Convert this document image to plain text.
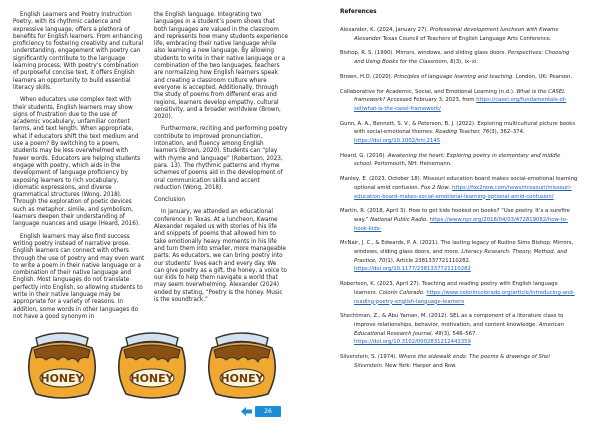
English Learners and Poetry Instruction Poetry, with its rhythmic cadence and expressive language, offers a plethora of benefits for English learners. From enhancing proficiency to fostering creativity and cultural understanding, engagement with poetry can significantly contribute to the language learning process. With poetry’s combination of purposeful concise text, it offers English learners an opportunity to build essential literacy skills.

When educators use complex text with their students, English learners may show signs of frustration due to the use of academic vocabulary, unfamiliar content terms, and text length. When appropriate, what if educators shift the text medium and use a poem? By switching to a poem, students may be less overwhelmed with fewer words. Educators are helping students engage with poetry, which aids in the development of language proficiency by exposing learners to rich vocabulary, idiomatic expressions, and diverse grammatical structures (Wong, 2018). Through the exploration of poetic devices such as metaphor, simile, and symbolism, learners deepen their understanding of language nuances and usage (Heard, 2016).

English learners may also find success writing poetry instead of narrative prose. English learners can connect with others through the use of poetry and may even want to write a poem in their native language or a combination of their native language and English. Most languages do not translate perfectly into English, so allowing students to write in their native language may be appropriate for a variety of reasons. In addition, some words in other languages do not have a good synonym in

the English language. Integrating two languages in a student’s poem shows that both languages are valued in the classroom and represents how many students experience life, embracing their native language while also learning a new language. By allowing students to write in their native language or a combination of the two languages, teachers are normalizing how English learners speak and creating a classroom culture where everyone is accepted. Additionally, through the study of poems from different eras and regions, learners develop empathy, cultural sensitivity, and a broader worldview (Brown, 2020).

Furthermore, reciting and performing poetry contribute to improved pronunciation, intonation, and fluency among English learners (Brown, 2020). Students can “play with rhyme and language” (Robertson, 2023, para. 13). The rhythmic patterns and rhyme schemes of poems aid in the development of oral communication skills and accent reduction (Wong, 2018).

Conclusion

In January, we attended an educational conference in Texas. At a luncheon, Kwame Alexander regaled us with stories of his life and snippets of poems that allowed him to take emotionally heavy moments in his life and turn them into smaller, more manageable parts. As educators, we can bring poetry into our students’ lives each and every day. We can give poetry as a gift, the honey, a voice to our kids to help them navigate a world that may seem overwhelming. Alexander (2024) ended by stating, “Poetry is the honey. Music is the soundtrack.”

HONEY	HONEY	HONEY
26
References

Alexander, K. (2024, January 27). Professional development luncheon with Kwame Alexander Texas Council of Teachers of English Language Arts Conference.

Bishop, R. S. (1990). Mirrors, windows, and sliding glass doors. Perspectives: Choosing and Using Books for the Classroom, 6(3), ix–xi.

Brown, H.D. (2020). Principles of language learning and teaching. London, UK: Pearson.

Collaborative for Academic, Social, and Emotional Learning (n.d.). What is the CASEL framework? Accessed February 3, 2023, from https://casel.org/fundamentals-of-sel/what-is-the-casel-framework/

Gunn, A. A., Bennett, S. V., & Peterson, B. J. (2022). Exploring multicultural picture books with social-emotional themes. Reading Teacher, 76(3), 362–374. https://doi.org/10.1002/trtr.2145

Heard, G. (2016). Awakening the heart: Exploring poetry in elementary and middle school. Portsmouth, NH: Heinemann.

Manley, E. (2023, October 18). Missouri education board makes social-emotional learning optional amid confusion. Fox 2 Now. https://fox2now.com/news/missouri/missouri-education-board-makes-social-emotional-learning-optional-amid-confusion/

Martin, R. (2018, April 3). How to get kids hooked on books? “Use poetry. It’s a surefire way.” National Public Radio. https://www.npr.org/2018/04/03/472819082/how-to-hook-kids-

McNair, J. C., & Edwards, P. A. (2021). The lasting legacy of Rudine Sims Bishop: Mirrors, windows, sliding glass doors, and more. Literacy Research: Theory, Method, and Practice, 70(1), Article 2381337721110282. https://doi.org/10.1177/2381337721110282

Robertson, K. (2023, April 27). Teaching and reading poetry with English language learners. Colorín Colorado. https://www.colorincolorado.org/article/introducing-and-reading-poetry-english-language-learners

Shechtman, Z., & Abu Yaman, M. (2012). SEL as a component of a literature class to improve relationships, behavior, motivation, and content knowledge. American Educational Research Journal, 49(3), 546–567. https://doi.org/10.3102/0002831212441359

Silverstein, S. (1974). Where the sidewalk ends: The poems & drawings of Shel Silverstein. New York: Harper and Row.
